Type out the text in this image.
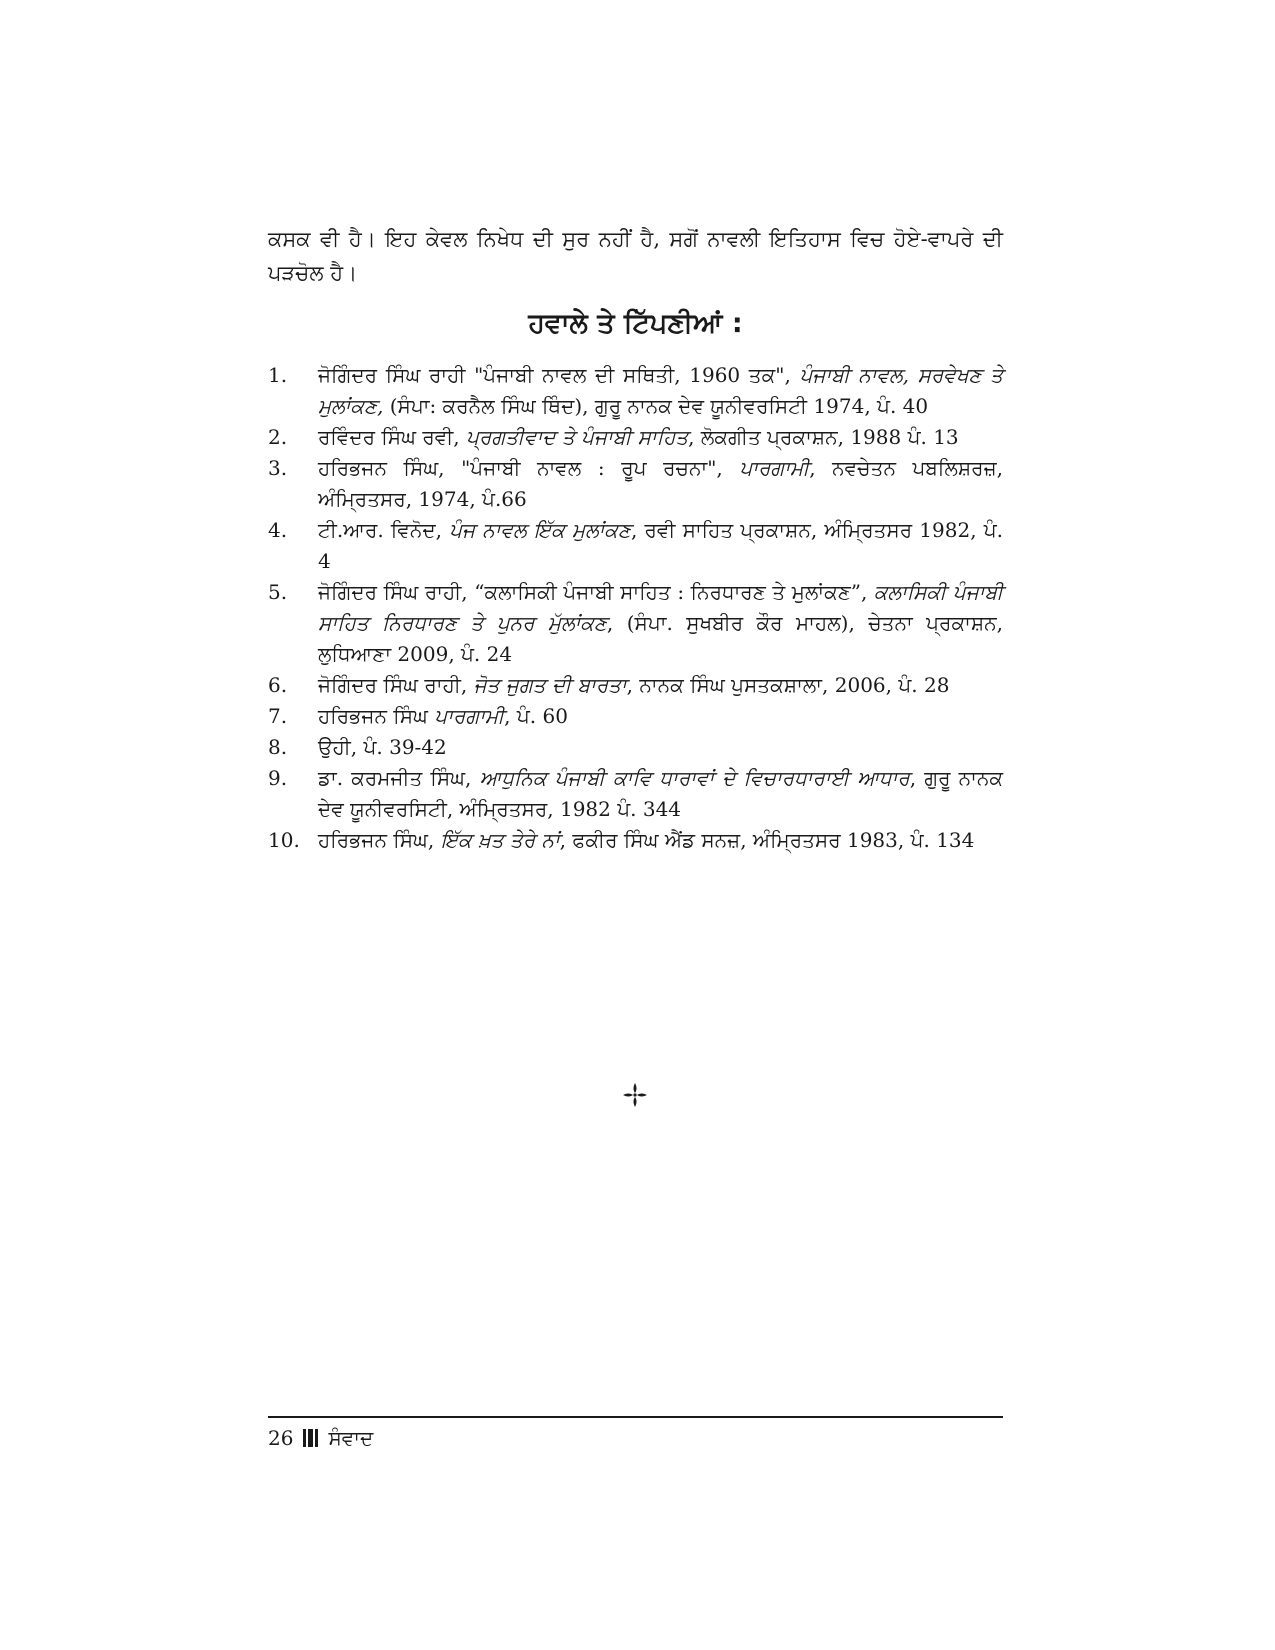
ਕਸਕ ਵੀ ਹੈ। ਇਹ ਕੇਵਲ ਨਿਖੇਧ ਦੀ ਸੁਰ ਨਹੀਂ ਹੈ, ਸਗੋਂ ਨਾਵਲੀ ਇਤਿਹਾਸ ਵਿਚ ਹੋਏ-ਵਾਪਰੇ ਦੀ ਪੜਚੋਲ ਹੈ।

ਹਵਾਲੇ ਤੇ ਟਿੱਪਣੀਆਂ :
1. ਜੋਗਿੰਦਰ ਸਿੰਘ ਰਾਹੀ "ਪੰਜਾਬੀ ਨਾਵਲ ਦੀ ਸਥਿਤੀ, 1960 ਤਕ", ਪੰਜਾਬੀ ਨਾਵਲ, ਸਰਵੇਖਣ ਤੇ ਮੁਲਾਂਕਣ, (ਸੰਪਾ: ਕਰਨੈਲ ਸਿੰਘ ਥਿੰਦ), ਗੁਰੂ ਨਾਨਕ ਦੇਵ ਯੂਨੀਵਰਸਿਟੀ 1974, ਪੰ. 40
2. ਰਵਿੰਦਰ ਸਿੰਘ ਰਵੀ, ਪ੍ਰਗਤੀਵਾਦ ਤੇ ਪੰਜਾਬੀ ਸਾਹਿਤ, ਲੋਕਗੀਤ ਪ੍ਰਕਾਸ਼ਨ, 1988 ਪੰ. 13
3. ਹਰਿਭਜਨ ਸਿੰਘ, "ਪੰਜਾਬੀ ਨਾਵਲ : ਰੂਪ ਰਚਨਾ", ਪਾਰਗਾਮੀ, ਨਵਚੇਤਨ ਪਬਲਿਸ਼ਰਜ਼, ਅੰਮ੍ਰਿਤਸਰ, 1974, ਪੰ.66
4. ਟੀ.ਆਰ. ਵਿਨੋਦ, ਪੰਜ ਨਾਵਲ ਇੱਕ ਮੁਲਾਂਕਣ, ਰਵੀ ਸਾਹਿਤ ਪ੍ਰਕਾਸ਼ਨ, ਅੰਮ੍ਰਿਤਸਰ 1982, ਪੰ. 4
5. ਜੋਗਿੰਦਰ ਸਿੰਘ ਰਾਹੀ, “ਕਲਾਸਿਕੀ ਪੰਜਾਬੀ ਸਾਹਿਤ : ਨਿਰਧਾਰਣ ਤੇ ਮੁਲਾਂਕਣ”, ਕਲਾਸਿਕੀ ਪੰਜਾਬੀ ਸਾਹਿਤ ਨਿਰਧਾਰਣ ਤੇ ਪੁਨਰ ਮੁੱਲਾਂਕਣ, (ਸੰਪਾ. ਸੁਖਬੀਰ ਕੌਰ ਮਾਹਲ), ਚੇਤਨਾ ਪ੍ਰਕਾਸ਼ਨ, ਲੁਧਿਆਣਾ 2009, ਪੰ. 24
6. ਜੋਗਿੰਦਰ ਸਿੰਘ ਰਾਹੀ, ਜੋਤ ਜੁਗਤ ਦੀ ਬਾਰਤਾ, ਨਾਨਕ ਸਿੰਘ ਪੁਸਤਕਸ਼ਾਲਾ, 2006, ਪੰ. 28
7. ਹਰਿਭਜਨ ਸਿੰਘ ਪਾਰਗਾਮੀ, ਪੰ. 60
8. ਉਹੀ, ਪੰ. 39-42
9. ਡਾ. ਕਰਮਜੀਤ ਸਿੰਘ, ਆਧੁਨਿਕ ਪੰਜਾਬੀ ਕਾਵਿ ਧਾਰਾਵਾਂ ਦੇ ਵਿਚਾਰਧਾਰਾਈ ਆਧਾਰ, ਗੁਰੂ ਨਾਨਕ ਦੇਵ ਯੂਨੀਵਰਸਿਟੀ, ਅੰਮ੍ਰਿਤਸਰ, 1982 ਪੰ. 344
10. ਹਰਿਭਜਨ ਸਿੰਘ, ਇੱਕ ਖ਼ਤ ਤੇਰੇ ਨਾਂ, ਫਕੀਰ ਸਿੰਘ ਐਂਡ ਸਨਜ਼, ਅੰਮ੍ਰਿਤਸਰ 1983, ਪੰ. 134
26 ਸੰਵਾਦ
